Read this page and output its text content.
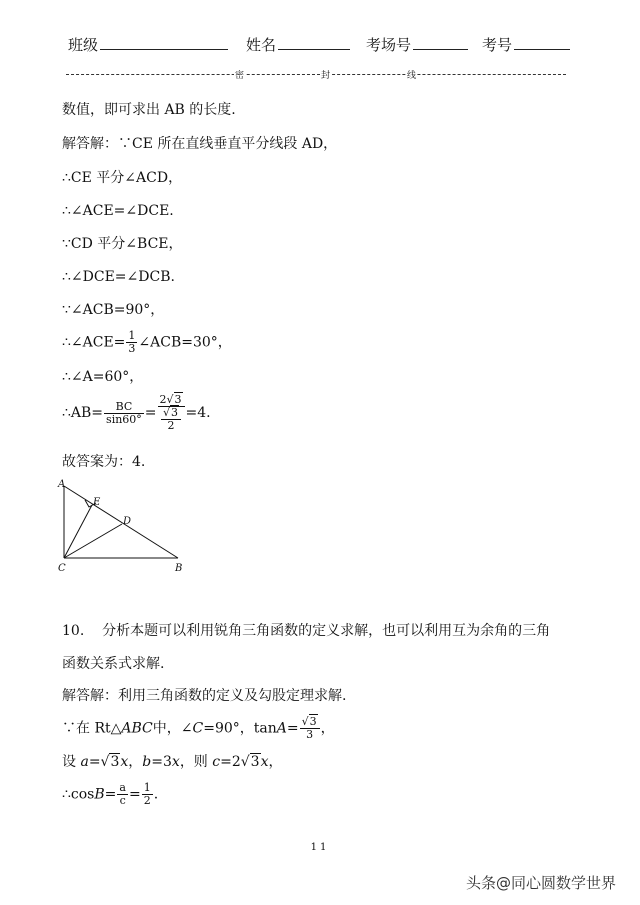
班级	姓名	考场号	考号
密	封	线
数值，即可求出 AB 的长度.
解答解：∵CE 所在直线垂直平分线段 AD，
∴CE 平分∠ACD，
∴∠ACE=∠DCE.
∵CD 平分∠BCE，
∴∠DCE=∠DCB.
∵∠ACB=90°，
∴∠ACE= $\frac{1}{3}$ ∠ACB=30°，
∴∠A=60°，
∴AB= $\frac{BC}{\sin 60^\circ} = \frac{2√3}{\frac{√3}{2}} =4$.
故答案为：4.
A
E
D
C	B
10. 分析本题可以利用锐角三角函数的定义求解，也可以利用互为余角的三角
函数关系式求解.
解答解：利用三角函数的定义及勾股定理求解.
∵在 Rt△ABC中，∠C=90°，$\tan A= \frac{√3}{3}$ ，
设 a=√3x，b=3x，则 c=2√3x，
∴cosB= $\frac{a}{c} = \frac{1}{2}$ .
11
头条@同心圆数学世界
